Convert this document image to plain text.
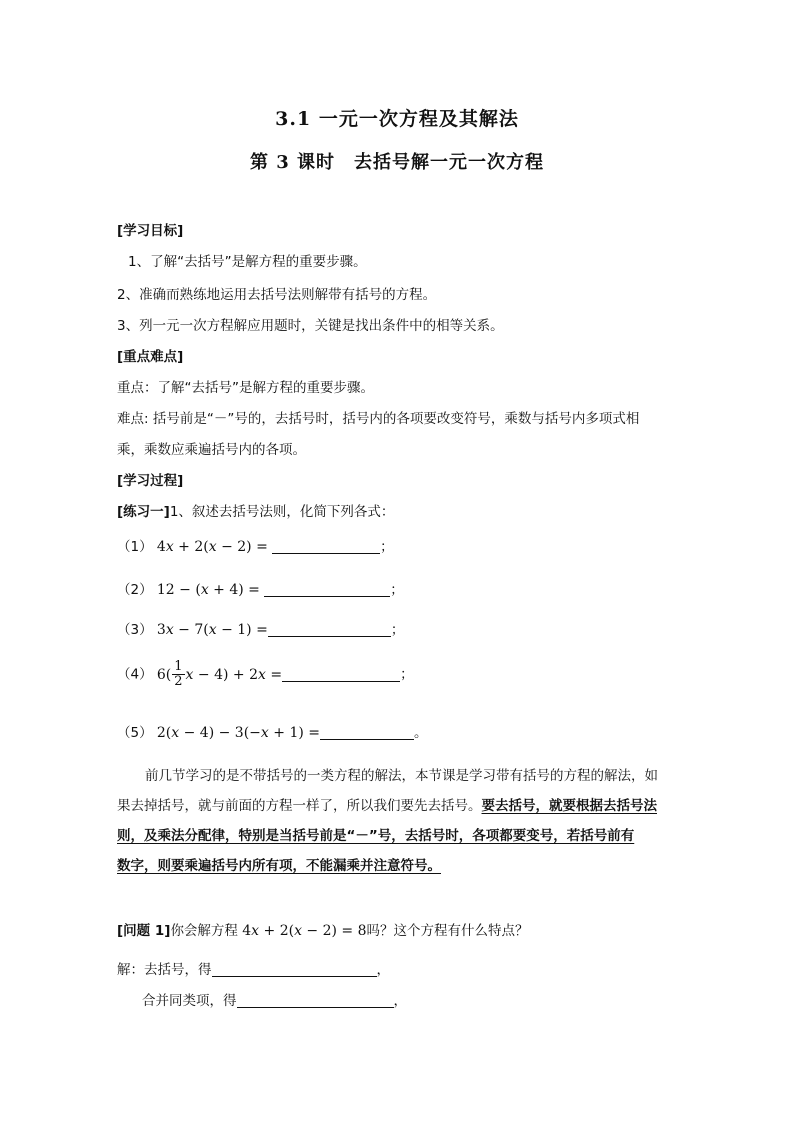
3.1 一元一次方程及其解法
第 3 课时　去括号解一元一次方程
[学习目标]
1、了解“去括号”是解方程的重要步骤。
2、准确而熟练地运用去括号法则解带有括号的方程。
3、列一元一次方程解应用题时，关键是找出条件中的相等关系。
[重点难点]
重点：了解“去括号”是解方程的重要步骤。
难点: 括号前是“－”号的，去括号时，括号内的各项要改变符号，乘数与括号内多项式相
乘，乘数应乘遍括号内的各项。
[学习过程]
[练习一]1、叙述去括号法则，化简下列各式：
（1） 4x + 2(x − 2) =	；
（2） 12 − (x + 4) =	；
（3） 3x − 7(x − 1) =	；
（4） $6( \frac{1}{2}$ x − 4) + 2x =	；
（5） 2(x − 4) − 3(−x + 1) =	。
前几节学习的是不带括号的一类方程的解法，本节课是学习带有括号的方程的解法，如
果去掉括号，就与前面的方程一样了，所以我们要先去括号。要去括号，就要根据去括号法
则，及乘法分配律，特别是当括号前是“－”号，去括号时，各项都要变号，若括号前有
数字，则要乘遍括号内所有项，不能漏乘并注意符号。
[问题 1]你会解方程 4x + 2(x − 2) = 8吗？这个方程有什么特点？
解：去括号，得	，
合并同类项，得	，
